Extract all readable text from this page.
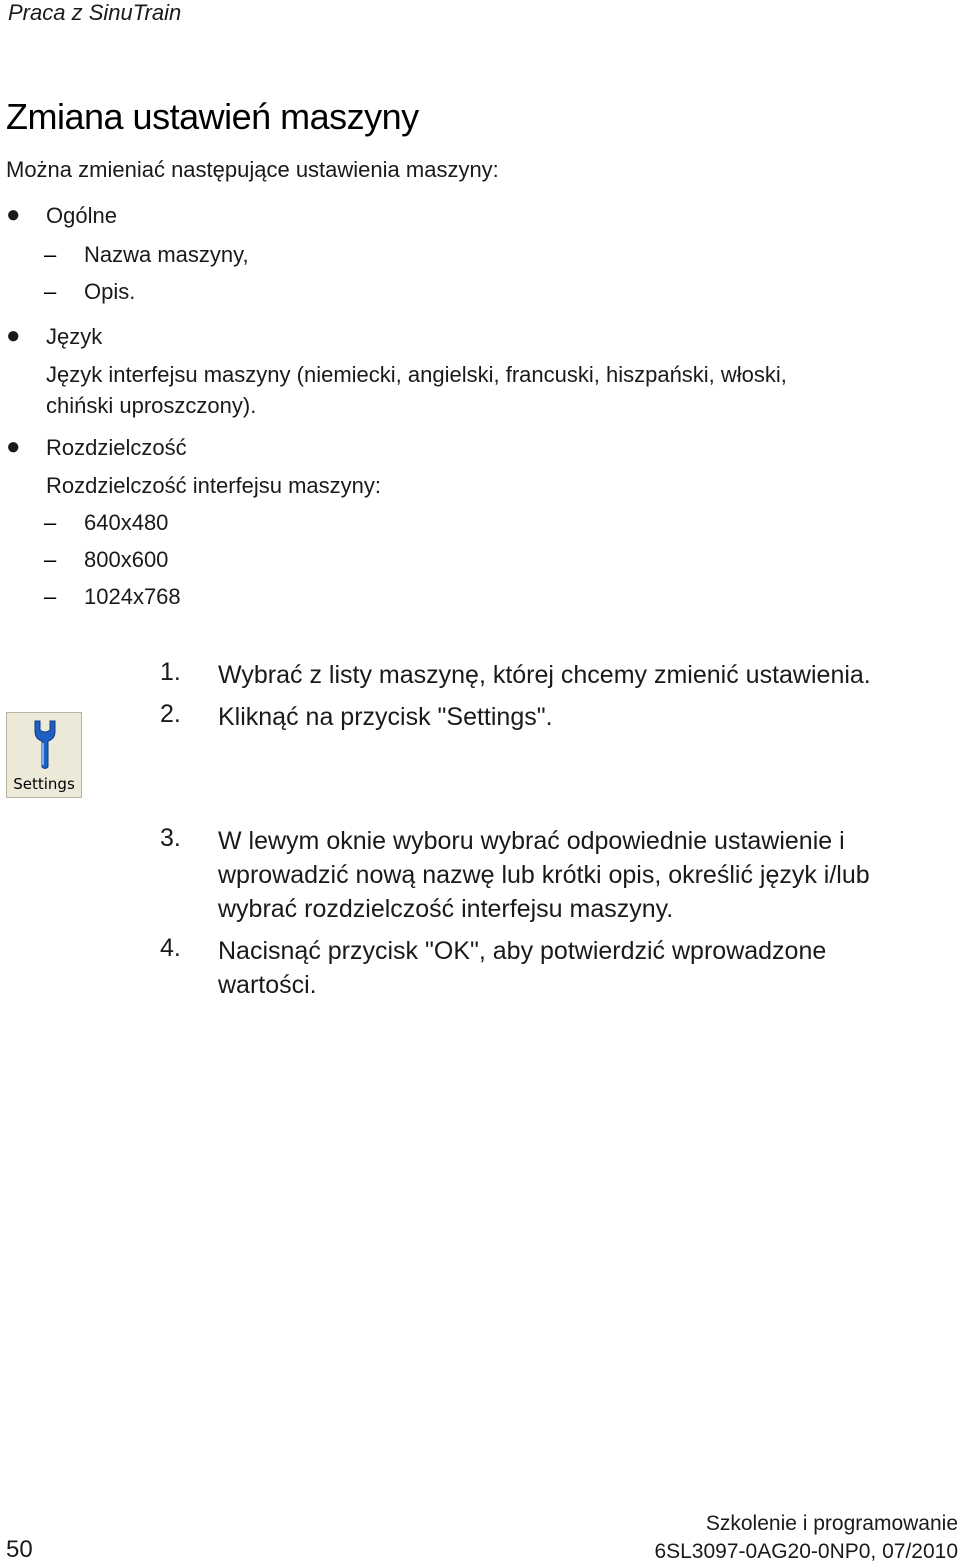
Praca z SinuTrain
Zmiana ustawień maszyny
Można zmieniać następujące ustawienia maszyny:
● Ogólne
– Nazwa maszyny,
– Opis.
● Język
Język interfejsu maszyny (niemiecki, angielski, francuski, hiszpański, włoski,
chiński uproszczony).
● Rozdzielczość
Rozdzielczość interfejsu maszyny:
– 640x480
– 800x600
– 1024x768
1. Wybrać z listy maszynę, której chcemy zmienić ustawienia.
2. Kliknąć na przycisk "Settings".
Settings
3. W lewym oknie wyboru wybrać odpowiednie ustawienie i
wprowadzić nową nazwę lub krótki opis, określić język i/lub
wybrać rozdzielczość interfejsu maszyny.
4. Nacisnąć przycisk "OK", aby potwierdzić wprowadzone
wartości.
50
Szkolenie i programowanie
6SL3097-0AG20-0NP0, 07/2010
